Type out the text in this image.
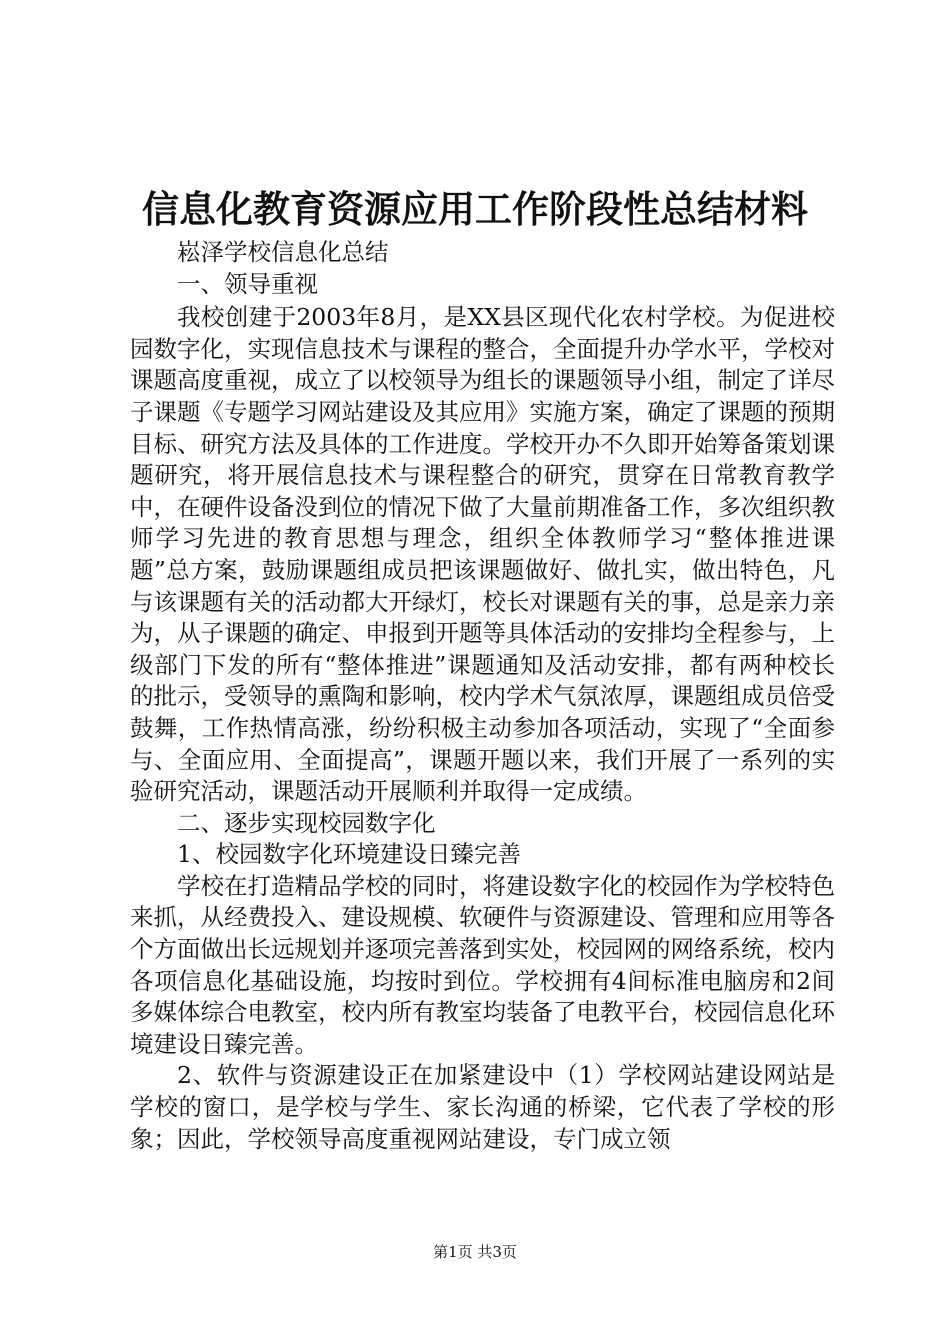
信息化教育资源应用工作阶段性总结材料

崧泽学校信息化总结

一、领导重视

我校创建于2003年8月，是XX县区现代化农村学校。为促进校园数字化，实现信息技术与课程的整合，全面提升办学水平，学校对课题高度重视，成立了以校领导为组长的课题领导小组，制定了详尽子课题《专题学习网站建设及其应用》实施方案，确定了课题的预期目标、研究方法及具体的工作进度。学校开办不久即开始筹备策划课题研究，将开展信息技术与课程整合的研究，贯穿在日常教育教学中，在硬件设备没到位的情况下做了大量前期准备工作，多次组织教师学习先进的教育思想与理念，组织全体教师学习“整体推进课题”总方案，鼓励课题组成员把该课题做好、做扎实，做出特色，凡与该课题有关的活动都大开绿灯，校长对课题有关的事，总是亲力亲为，从子课题的确定、申报到开题等具体活动的安排均全程参与，上级部门下发的所有“整体推进”课题通知及活动安排，都有两种校长的批示，受领导的熏陶和影响，校内学术气氛浓厚，课题组成员倍受鼓舞，工作热情高涨，纷纷积极主动参加各项活动，实现了“全面参与、全面应用、全面提高”，课题开题以来，我们开展了一系列的实验研究活动，课题活动开展顺利并取得一定成绩。

二、逐步实现校园数字化

1、校园数字化环境建设日臻完善

学校在打造精品学校的同时，将建设数字化的校园作为学校特色来抓，从经费投入、建设规模、软硬件与资源建设、管理和应用等各个方面做出长远规划并逐项完善落到实处，校园网的网络系统，校内各项信息化基础设施，均按时到位。学校拥有4间标准电脑房和2间多媒体综合电教室，校内所有教室均装备了电教平台，校园信息化环境建设日臻完善。

2、软件与资源建设正在加紧建设中（1）学校网站建设网站是学校的窗口，是学校与学生、家长沟通的桥梁，它代表了学校的形象；因此，学校领导高度重视网站建设，专门成立领

第1页 共3页
